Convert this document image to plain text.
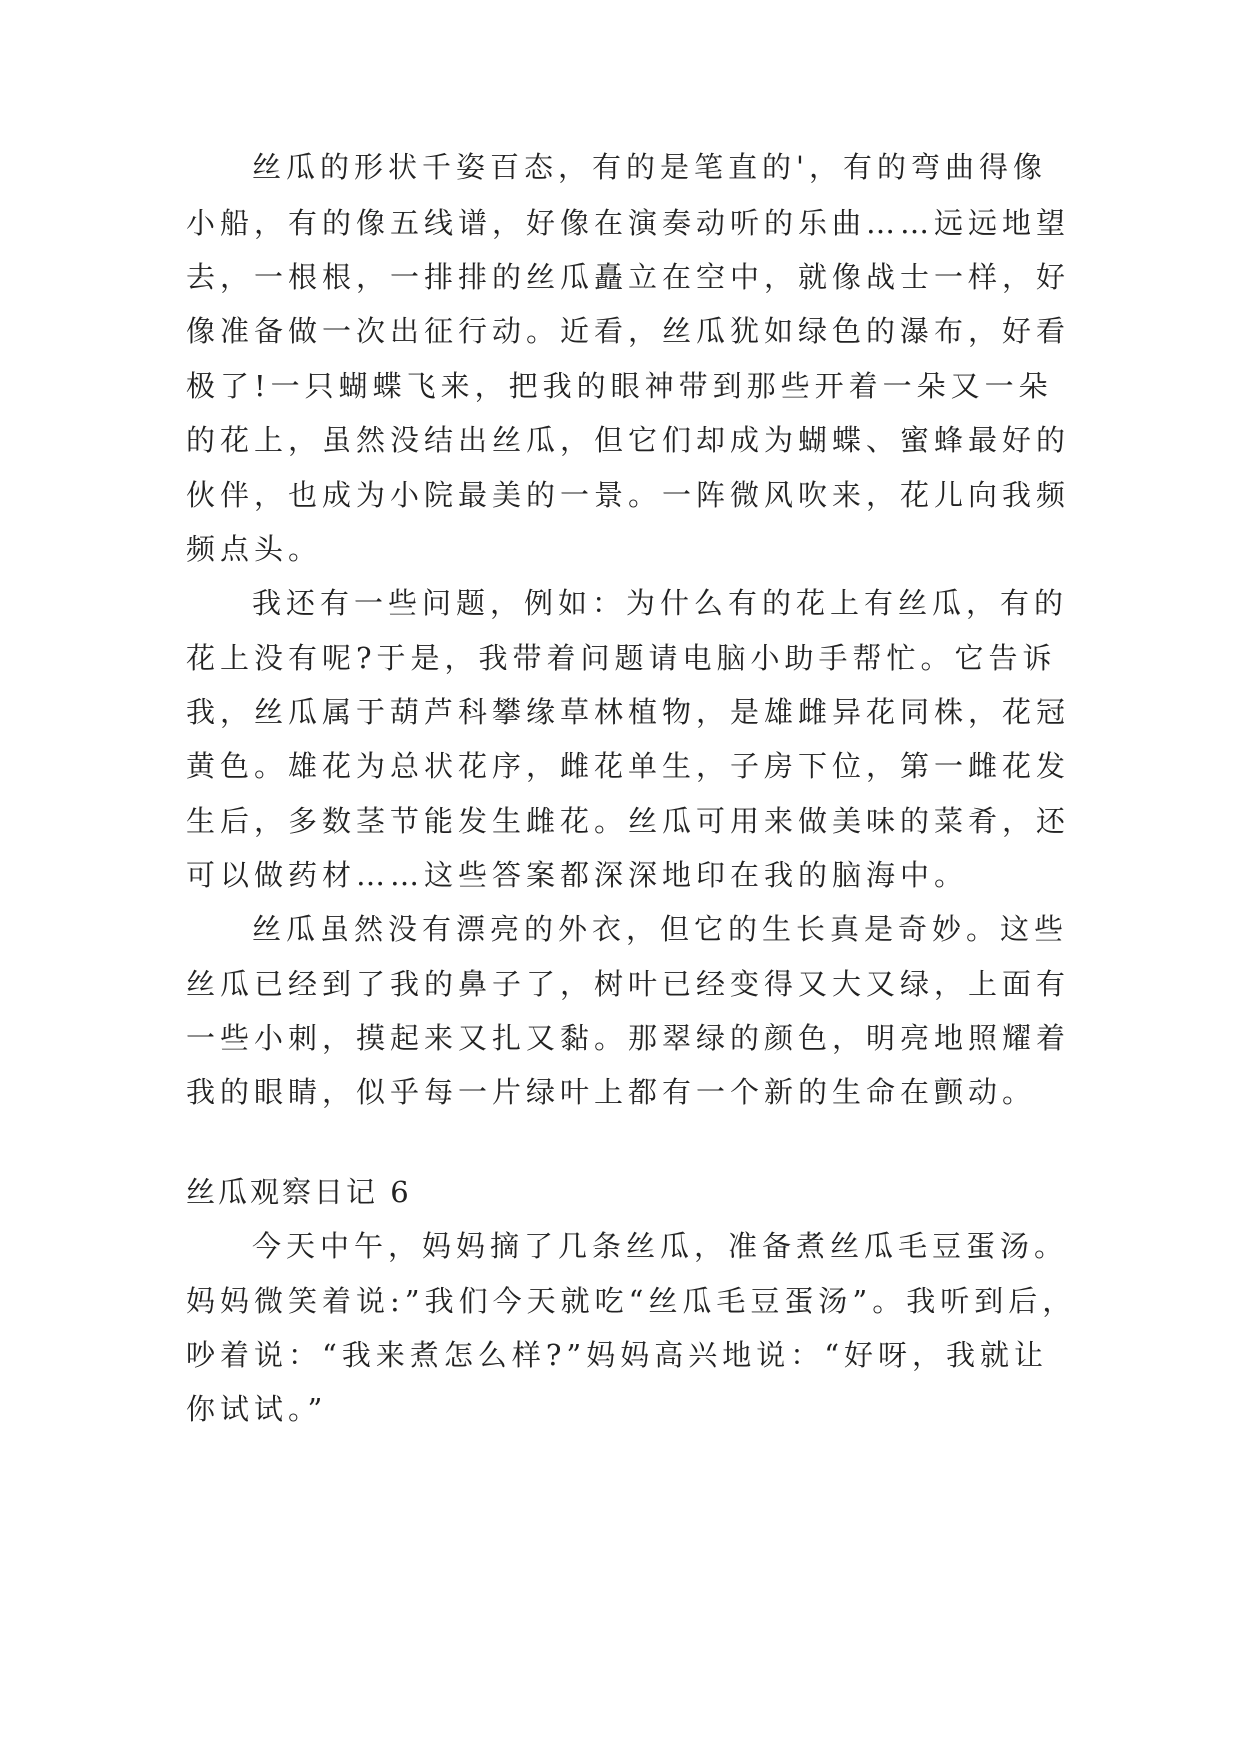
丝瓜的形状千姿百态，有的是笔直的'，有的弯曲得像
小船，有的像五线谱，好像在演奏动听的乐曲……远远地望
去，一根根，一排排的丝瓜矗立在空中，就像战士一样，好
像准备做一次出征行动。近看，丝瓜犹如绿色的瀑布，好看
极了!一只蝴蝶飞来，把我的眼神带到那些开着一朵又一朵
的花上，虽然没结出丝瓜，但它们却成为蝴蝶、蜜蜂最好的
伙伴，也成为小院最美的一景。一阵微风吹来，花儿向我频
频点头。
我还有一些问题，例如：为什么有的花上有丝瓜，有的
花上没有呢?于是，我带着问题请电脑小助手帮忙。它告诉
我，丝瓜属于葫芦科攀缘草林植物，是雄雌异花同株，花冠
黄色。雄花为总状花序，雌花单生，子房下位，第一雌花发
生后，多数茎节能发生雌花。丝瓜可用来做美味的菜肴，还
可以做药材……这些答案都深深地印在我的脑海中。
丝瓜虽然没有漂亮的外衣，但它的生长真是奇妙。这些
丝瓜已经到了我的鼻子了，树叶已经变得又大又绿，上面有
一些小刺，摸起来又扎又黏。那翠绿的颜色，明亮地照耀着
我的眼睛，似乎每一片绿叶上都有一个新的生命在颤动。
丝瓜观察日记 6
今天中午，妈妈摘了几条丝瓜，准备煮丝瓜毛豆蛋汤。
妈妈微笑着说:”我们今天就吃“丝瓜毛豆蛋汤”。我听到后，
吵着说：“我来煮怎么样?”妈妈高兴地说：“好呀，我就让
你试试。”
